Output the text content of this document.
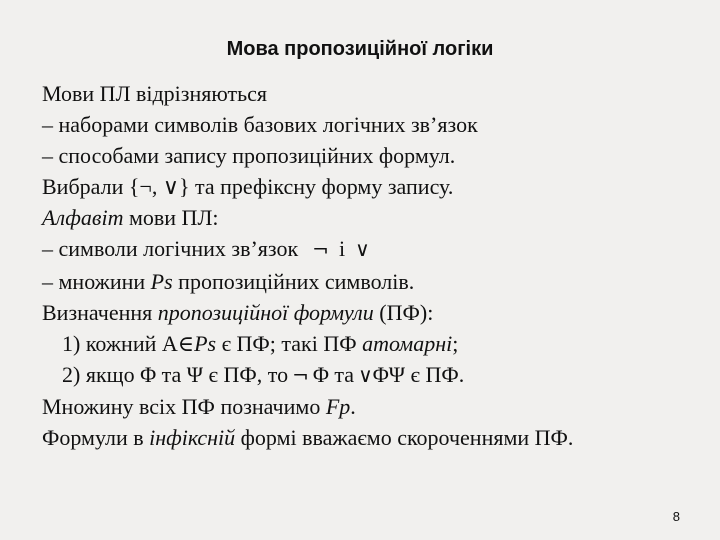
Мова пропозиційної логіки
Мови ПЛ відрізняються
– наборами символів базових логічних зв’язок
– способами запису пропозиційних формул.
Вибрали {¬, ∨} та префіксну форму запису.
Алфавіт мови ПЛ:
– символи логічних зв’язок ¬ і ∨
– множини Ps пропозиційних символів.
Визначення пропозиційної формули (ПФ):
1) кожний A∈Ps є ПФ; такі ПФ атомарні;
2) якщо Φ та Ψ є ПФ, то ¬ Φ та ∨ΦΨ є ПФ.
Множину всіх ПФ позначимо Fp.
Формули в інфіксній формі вважаємо скороченнями ПФ.
8
